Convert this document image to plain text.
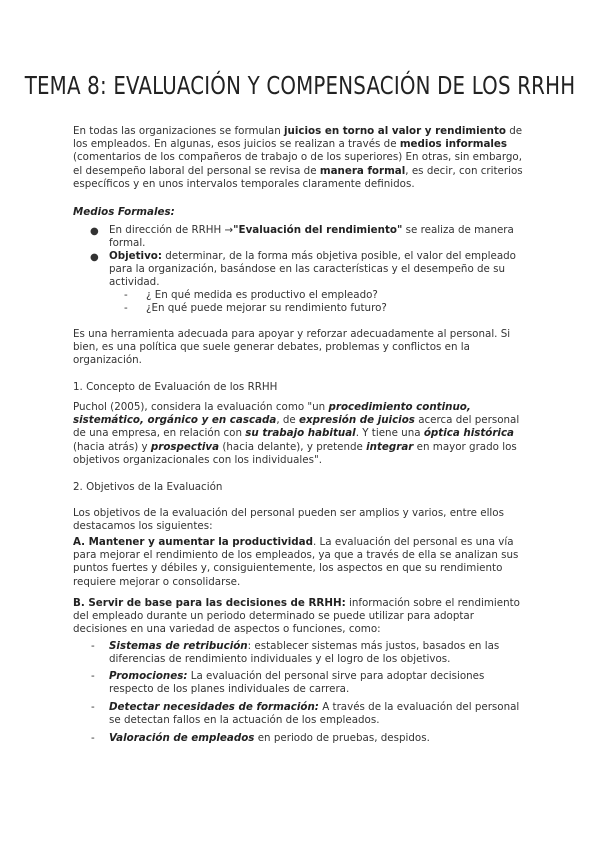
TEMA 8: EVALUACIÓN Y COMPENSACIÓN DE LOS RRHH

En todas las organizaciones se formulan juicios en torno al valor y rendimiento de los empleados. En algunas, esos juicios se realizan a través de medios informales (comentarios de los compañeros de trabajo o de los superiores) En otras, sin embargo, el desempeño laboral del personal se revisa de manera formal, es decir, con criterios específicos y en unos intervalos temporales claramente definidos.

Medios Formales:

● En dirección de RRHH →"Evaluación del rendimiento" se realiza de manera formal.

● Objetivo: determinar, de la forma más objetiva posible, el valor del empleado para la organización, basándose en las características y el desempeño de su actividad.

- ¿ En qué medida es productivo el empleado?
- ¿En qué puede mejorar su rendimiento futuro?
Es una herramienta adecuada para apoyar y reforzar adecuadamente al personal. Si bien, es una política que suele generar debates, problemas y conflictos en la organización.

1. Concepto de Evaluación de los RRHH

Puchol (2005), considera la evaluación como "un procedimiento continuo, sistemático, orgánico y en cascada, de expresión de juicios acerca del personal de una empresa, en relación con su trabajo habitual. Y tiene una óptica histórica (hacia atrás) y prospectiva (hacia delante), y pretende integrar en mayor grado los objetivos organizacionales con los individuales".

2. Objetivos de la Evaluación

Los objetivos de la evaluación del personal pueden ser amplios y varios, entre ellos destacamos los siguientes:

A. Mantener y aumentar la productividad. La evaluación del personal es una vía para mejorar el rendimiento de los empleados, ya que a través de ella se analizan sus puntos fuertes y débiles y, consiguientemente, los aspectos en que su rendimiento requiere mejorar o consolidarse.

B. Servir de base para las decisiones de RRHH: información sobre el rendimiento del empleado durante un periodo determinado se puede utilizar para adoptar decisiones en una variedad de aspectos o funciones, como:

- Sistemas de retribución: establecer sistemas más justos, basados en las diferencias de rendimiento individuales y el logro de los objetivos.

- Promociones: La evaluación del personal sirve para adoptar decisiones respecto de los planes individuales de carrera.

- Detectar necesidades de formación: A través de la evaluación del personal se detectan fallos en la actuación de los empleados.

- Valoración de empleados en periodo de pruebas, despidos.
